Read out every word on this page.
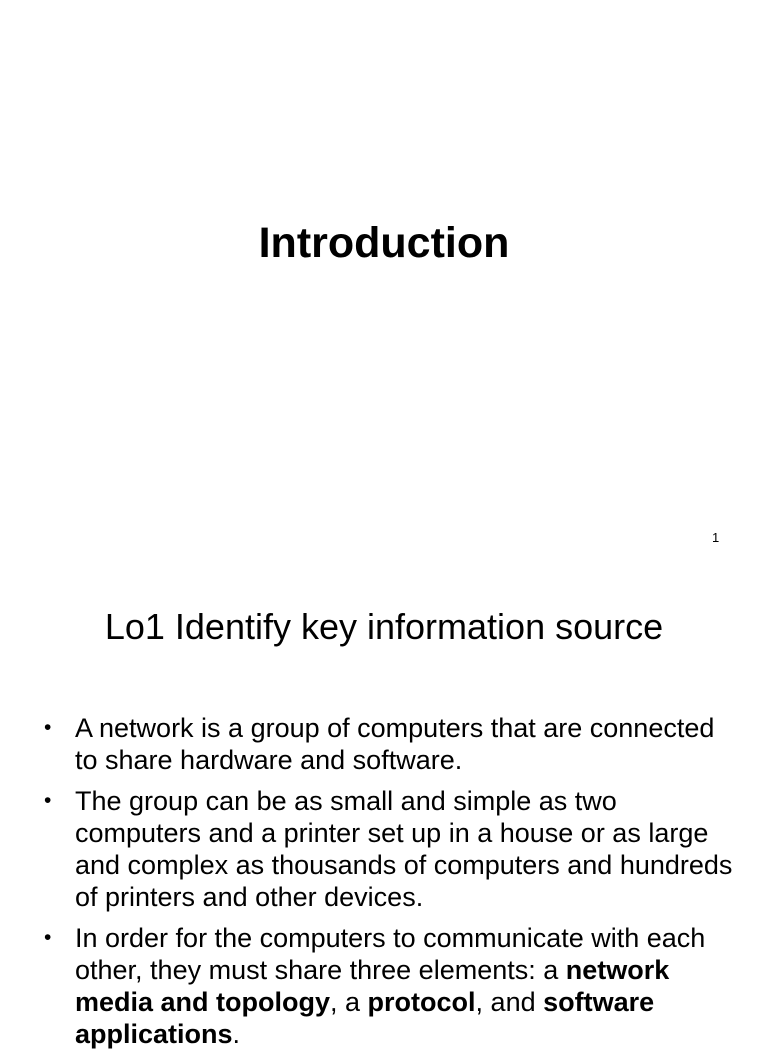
Introduction
1
Lo1 Identify key information source
• A network is a group of computers that are connected to share hardware and software.
• The group can be as small and simple as two computers and a printer set up in a house or as large and complex as thousands of computers and hundreds of printers and other devices.
• In order for the computers to communicate with each other, they must share three elements: a network media and topology, a protocol, and software applications.
